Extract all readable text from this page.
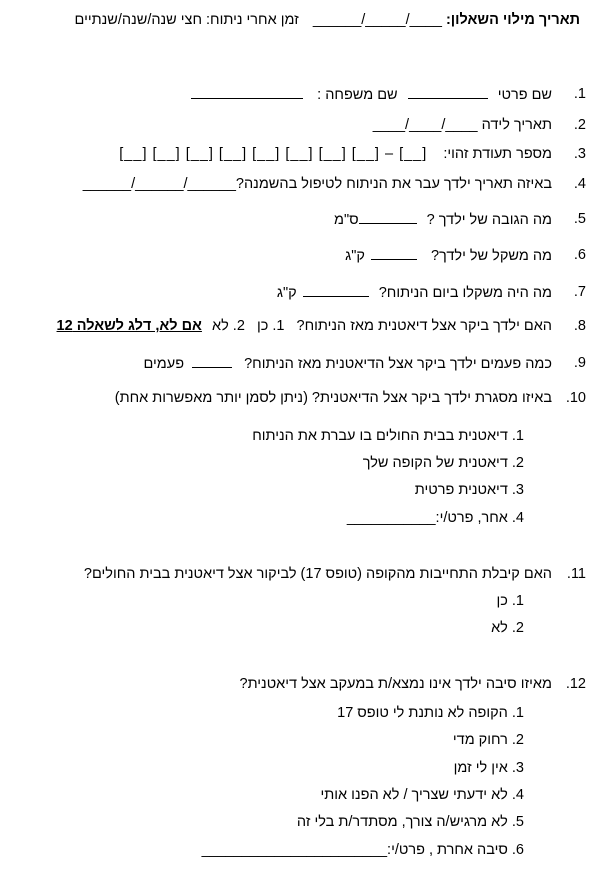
תאריך מילוי השאלון: ____/_____/______ זמן אחרי ניתוח: חצי שנה/שנה/שנתיים
1.
שם פרטי  שם משפחה :
2.
תאריך לידה ____/____/____
3.
מספר תעודת זהוי: [__] [__] [__] [__] [__] [__] [__] [__] – [__]
4.
באיזה תאריך ילדך עבר את הניתוח לטיפול בהשמנה?______/______/______
5.
מה הגובה של ילדך ? ס"מ
6.
מה משקל של ילדך? ק"ג
7.
מה היה משקלו ביום הניתוח? ק"ג
8.
האם ילדך ביקר אצל דיאטנית מאז הניתוח? 1. כן 2. לא אם לא, דלג לשאלה 12
9.
כמה פעמים ילדך ביקר אצל הדיאטנית מאז הניתוח? פעמים
10.
באיזו מסגרת ילדך ביקר אצל הדיאטנית? (ניתן לסמן יותר מאפשרות אחת)
1. דיאטנית בבית החולים בו עברת את הניתוח
2. דיאטנית של הקופה שלך
3. דיאטנית פרטית
4. אחר, פרט/י:___________
11.
האם קיבלת התחייבות מהקופה (טופס 17) לביקור אצל דיאטנית בבית החולים?
1. כן
2. לא
12.
מאיזו סיבה ילדך אינו נמצא/ת במעקב אצל דיאטנית?
1. הקופה לא נותנת לי טופס 17
2. רחוק מדי
3. אין לי זמן
4. לא ידעתי שצריך / לא הפנו אותי
5. לא מרגיש/ה צורך, מסתדר/ת בלי זה
6. סיבה אחרת , פרט/י:_______________________
